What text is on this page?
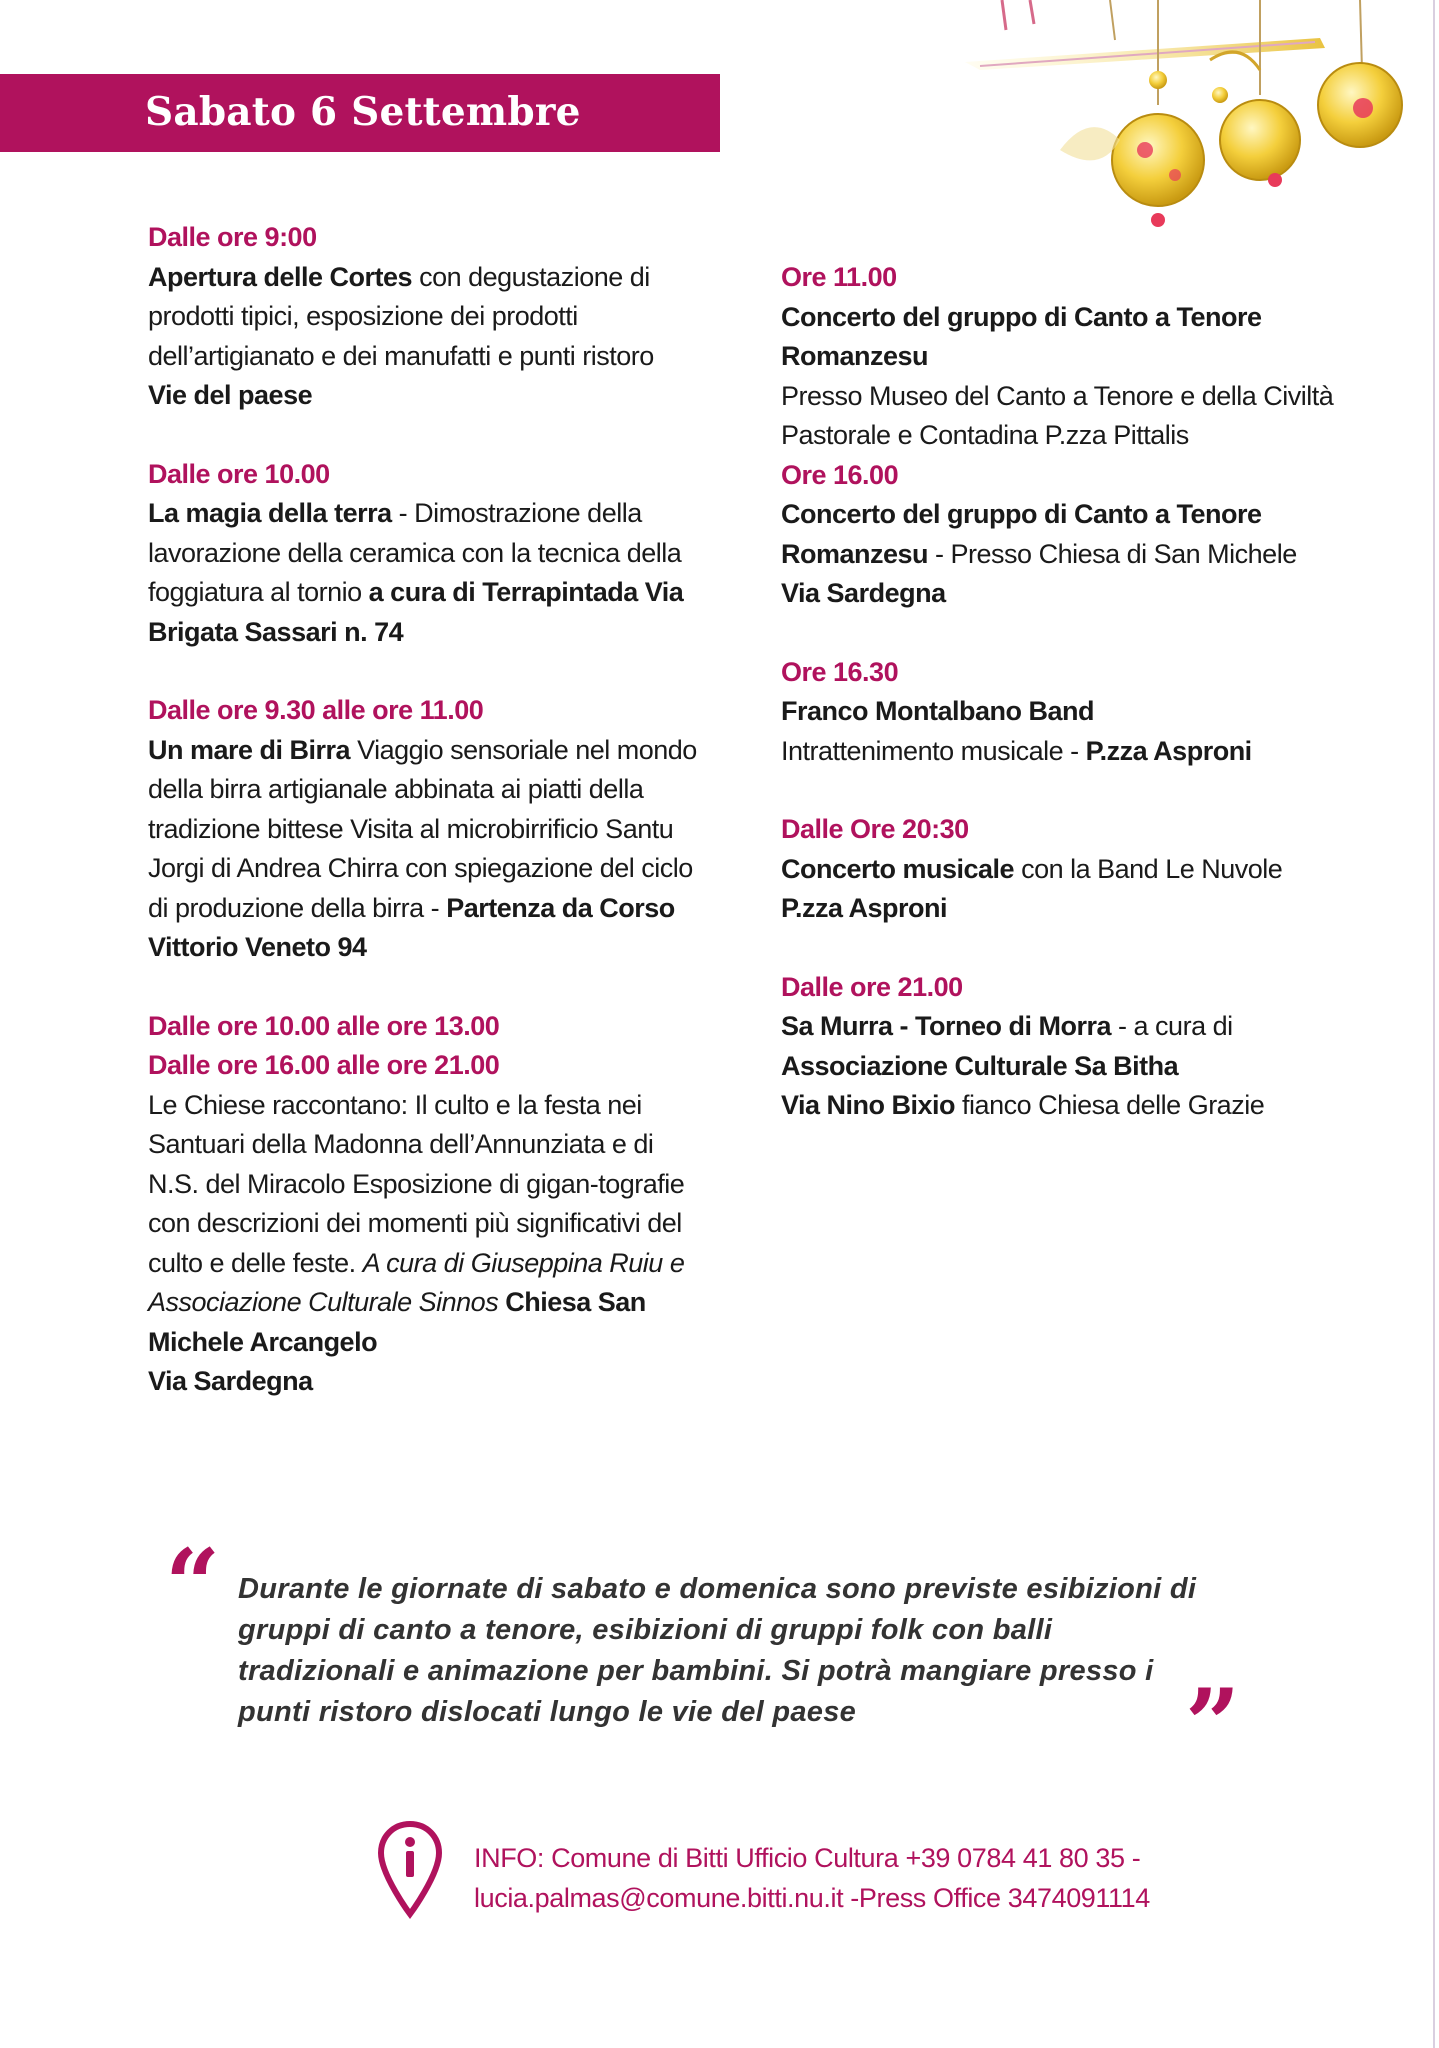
Sabato 6 Settembre

Dalle ore 9:00

Apertura delle Cortes con degustazione di prodotti tipici, esposizione dei prodotti dell’artigianato e dei manufatti e punti ristoro

Vie del paese

Dalle ore 10.00

La magia della terra - Dimostrazione della lavorazione della ceramica con la tecnica della foggiatura al tornio a cura di Terrapintada Via Brigata Sassari n. 74

Dalle ore 9.30 alle ore 11.00

Un mare di Birra Viaggio sensoriale nel mondo della birra artigianale abbinata ai piatti della tradizione bittese Visita al microbirrificio Santu Jorgi di Andrea Chirra con spiegazione del ciclo di produzione della birra - Partenza da Corso Vittorio Veneto 94

Dalle ore 10.00 alle ore 13.00

Dalle ore 16.00 alle ore 21.00

Le Chiese raccontano: Il culto e la festa nei Santuari della Madonna dell’Annunziata e di N.S. del Miracolo Esposizione di gigan-tografie con descrizioni dei momenti più significativi del culto e delle feste. A cura di Giuseppina Ruiu e Associazione Culturale Sinnos Chiesa San Michele Arcangelo

Via Sardegna

Ore 11.00

Concerto del gruppo di Canto a Tenore Romanzesu

Presso Museo del Canto a Tenore e della Civiltà Pastorale e Contadina P.zza Pittalis

Ore 16.00

Concerto del gruppo di Canto a Tenore Romanzesu - Presso Chiesa di San Michele

Via Sardegna

Ore 16.30

Franco Montalbano Band

Intrattenimento musicale - P.zza Asproni

Dalle Ore 20:30

Concerto musicale con la Band Le Nuvole

P.zza Asproni

Dalle ore 21.00

Sa Murra - Torneo di Morra - a cura di Associazione Culturale Sa Bitha

Via Nino Bixio fianco Chiesa delle Grazie

“ Durante le giornate di sabato e domenica sono previste esibizioni di gruppi di canto a tenore, esibizioni di gruppi folk con balli tradizionali e animazione per bambini. Si potrà mangiare presso i punti ristoro dislocati lungo le vie del paese	”

INFO: Comune di Bitti Ufficio Cultura +39 0784 41 80 35 -
lucia.palmas@comune.bitti.nu.it -Press Office 3474091114
